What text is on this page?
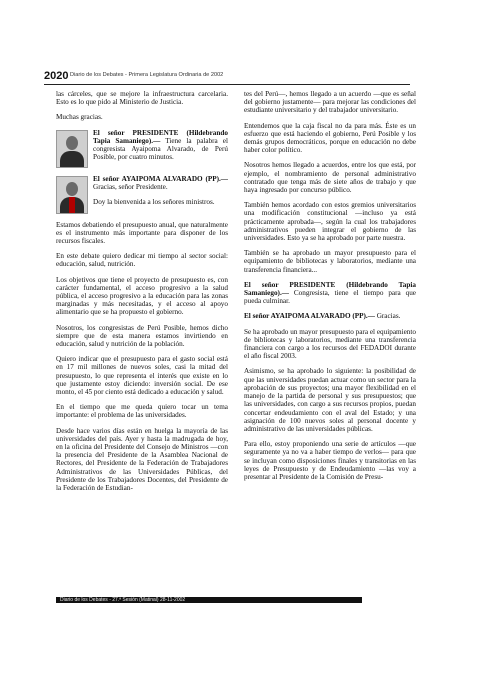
2020 Diario de los Debates - Primera Legislatura Ordinaria de 2002

las cárceles, que se mejore la infraestructura carcelaria. Esto es lo que pido al Ministerio de Justicia.

Muchas gracias.

El señor PRESIDENTE (Hildebrando Tapia Samaniego).— Tiene la palabra el congresista Ayaipoma Alvarado, de Perú Posible, por cuatro minutos.
El señor AYAIPOMA ALVARADO (PP).— Gracias, señor Presidente.
Doy la bienvenida a los señores ministros.

Estamos debatiendo el presupuesto anual, que naturalmente es el instrumento más importante para disponer de los recursos fiscales.

En este debate quiero dedicar mi tiempo al sector social: educación, salud, nutrición.

Los objetivos que tiene el proyecto de presupuesto es, con carácter fundamental, el acceso progresivo a la salud pública, el acceso progresivo a la educación para las zonas marginadas y más necesitadas, y el acceso al apoyo alimentario que se ha propuesto el gobierno.

Nosotros, los congresistas de Perú Posible, hemos dicho siempre que de esta manera estamos invirtiendo en educación, salud y nutrición de la población.

Quiero indicar que el presupuesto para el gasto social está en 17 mil millones de nuevos soles, casi la mitad del presupuesto, lo que representa el interés que existe en lo que justamente estoy diciendo: inversión social. De ese monto, el 45 por ciento está dedicado a educación y salud.

En el tiempo que me queda quiero tocar un tema importante: el problema de las universidades.

Desde hace varios días están en huelga la mayoría de las universidades del país. Ayer y hasta la madrugada de hoy, en la oficina del Presidente del Consejo de Ministros —con la presencia del Presidente de la Asamblea Nacional de Rectores, del Presidente de la Federación de Trabajadores Administrativos de las Universidades Públicas, del Presidente de los Trabajadores Docentes, del Presidente de la Federación de Estudian-

tes del Perú—, hemos llegado a un acuerdo —que es señal del gobierno justamente— para mejorar las condiciones del estudiante universitario y del trabajador universitario.

Entendemos que la caja fiscal no da para más. Éste es un esfuerzo que está haciendo el gobierno, Perú Posible y los demás grupos democráticos, porque en educación no debe haber color político.

Nosotros hemos llegado a acuerdos, entre los que está, por ejemplo, el nombramiento de personal administrativo contratado que tenga más de siete años de trabajo y que haya ingresado por concurso público.

También hemos acordado con estos gremios universitarios una modificación constitucional —incluso ya está prácticamente aprobada—, según la cual los trabajadores administrativos pueden integrar el gobierno de las universidades. Esto ya se ha aprobado por parte nuestra.

También se ha aprobado un mayor presupuesto para el equipamiento de bibliotecas y laboratorios, mediante una transferencia financiera...

El señor PRESIDENTE (Hildebrando Tapia Samaniego).— Congresista, tiene el tiempo para que pueda culminar.

El señor AYAIPOMA ALVARADO (PP).— Gracias.

Se ha aprobado un mayor presupuesto para el equipamiento de bibliotecas y laboratorios, mediante una transferencia financiera con cargo a los recursos del FEDADOI durante el año fiscal 2003.

Asimismo, se ha aprobado lo siguiente: la posibilidad de que las universidades puedan actuar como un sector para la aprobación de sus proyectos; una mayor flexibilidad en el manejo de la partida de personal y sus presupuestos; que las universidades, con cargo a sus recursos propios, puedan concertar endeudamiento con el aval del Estado; y una asignación de 100 nuevos soles al personal docente y administrativo de las universidades públicas.

Para ello, estoy proponiendo una serie de artículos —que seguramente ya no va a haber tiempo de verlos— para que se incluyan como disposiciones finales y transitorias en las leyes de Presupuesto y de Endeudamiento —las voy a presentar al Presidente de la Comisión de Presu-

Diario de los Debates - 27.ª Sesión (Matinal) 28-11-2002
